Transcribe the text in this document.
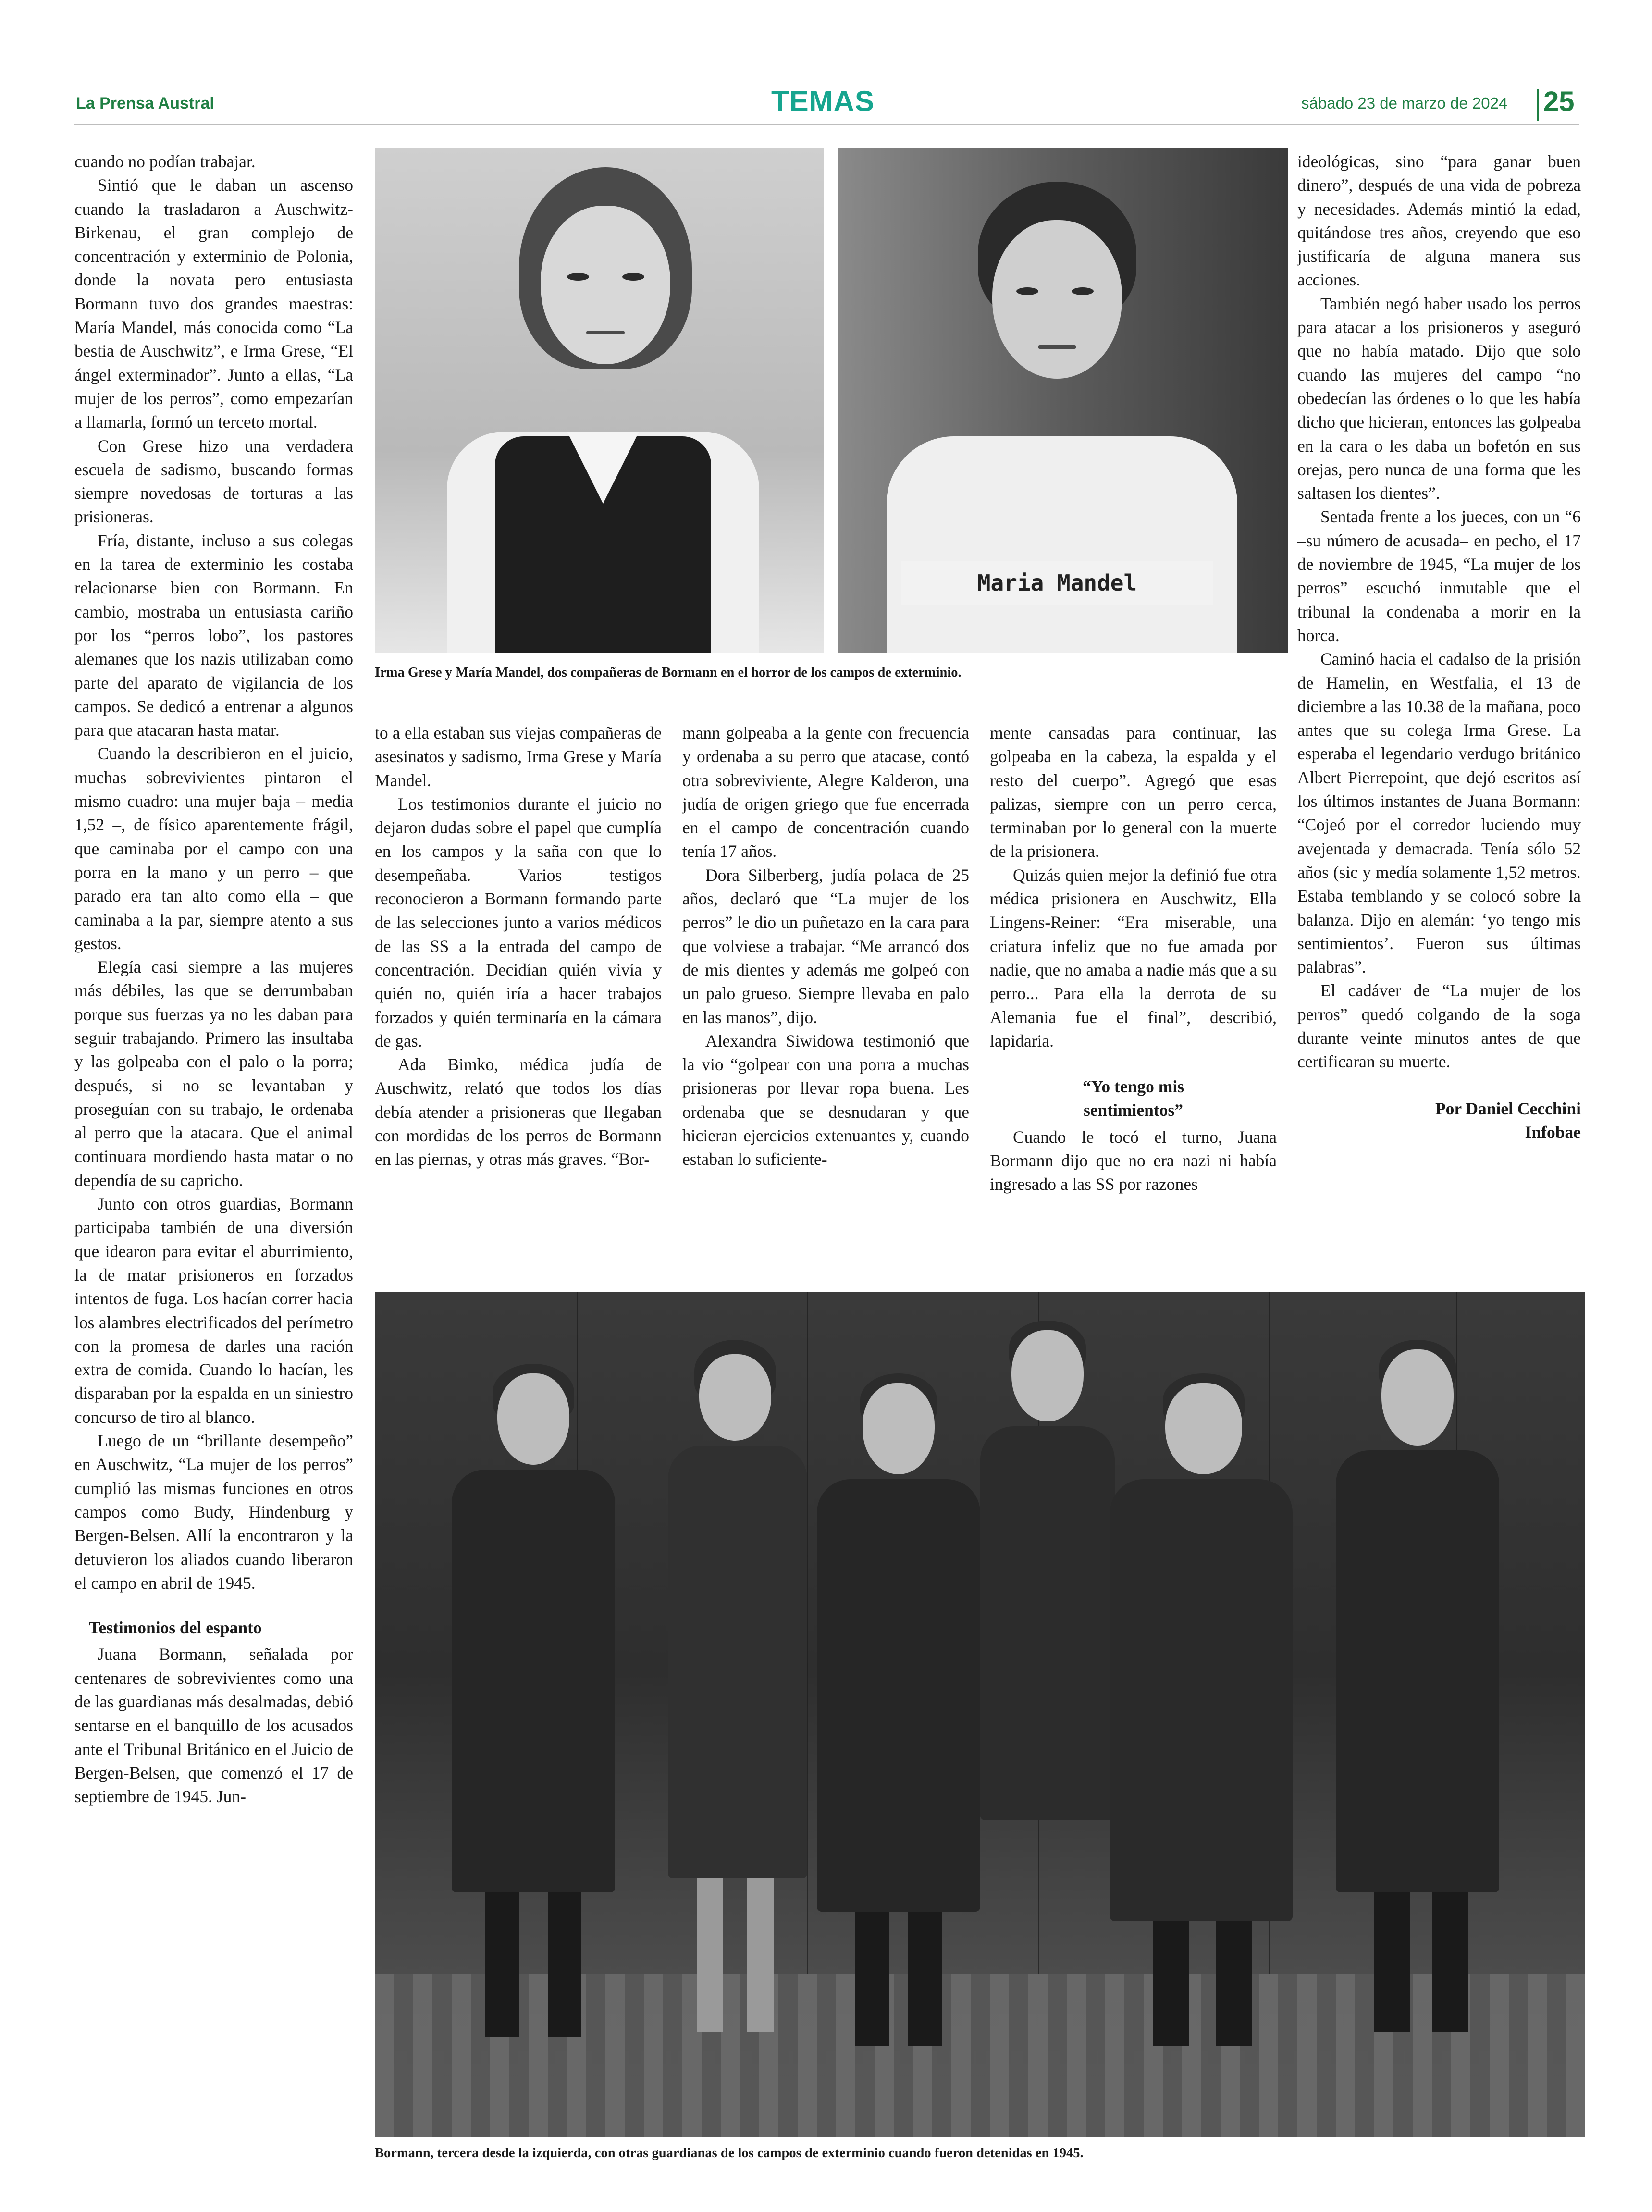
La Prensa Austral	TEMAS	sábado 23 de marzo de 2024 25

cuando no podían trabajar.

Sintió que le daban un ascenso cuando la trasladaron a Auschwitz-Birkenau, el gran complejo de concentración y exterminio de Polonia, donde la novata pero entusiasta Bormann tuvo dos grandes maestras: María Mandel, más conocida como “La bestia de Auschwitz”, e Irma Grese, “El ángel exterminador”. Junto a ellas, “La mujer de los perros”, como empezarían a llamarla, formó un terceto mortal.

Con Grese hizo una verdadera escuela de sadismo, buscando formas siempre novedosas de torturas a las prisioneras.

Fría, distante, incluso a sus colegas en la tarea de exterminio les costaba relacionarse bien con Bormann. En cambio, mostraba un entusiasta cariño por los “perros lobo”, los pastores alemanes que los nazis utilizaban como parte del aparato de vigilancia de los campos. Se dedicó a entrenar a algunos para que atacaran hasta matar.

Cuando la describieron en el juicio, muchas sobrevivientes pintaron el mismo cuadro: una mujer baja – media 1,52 –, de físico aparentemente frágil, que caminaba por el campo con una porra en la mano y un perro – que parado era tan alto como ella – que caminaba a la par, siempre atento a sus gestos.

Elegía casi siempre a las mujeres más débiles, las que se derrumbaban porque sus fuerzas ya no les daban para seguir trabajando. Primero las insultaba y las golpeaba con el palo o la porra; después, si no se levantaban y proseguían con su trabajo, le ordenaba al perro que la atacara. Que el animal continuara mordiendo hasta matar o no dependía de su capricho.

Junto con otros guardias, Bormann participaba también de una diversión que idearon para evitar el aburrimiento, la de matar prisioneros en forzados intentos de fuga. Los hacían correr hacia los alambres electrificados del perímetro con la promesa de darles una ración extra de comida. Cuando lo hacían, les disparaban por la espalda en un siniestro concurso de tiro al blanco.

Luego de un “brillante desempeño” en Auschwitz, “La mujer de los perros” cumplió las mismas funciones en otros campos como Budy, Hindenburg y Bergen-Belsen. Allí la encontraron y la detuvieron los aliados cuando liberaron el campo en abril de 1945.

Testimonios del espanto

Juana Bormann, señalada por centenares de sobrevivientes como una de las guardianas más desalmadas, debió sentarse en el banquillo de los acusados ante el Tribunal Británico en el Juicio de Bergen-Belsen, que comenzó el 17 de septiembre de 1945. Jun-

Maria Mandel
Irma Grese y María Mandel, dos compañeras de Bormann en el horror de los campos de exterminio.

to a ella estaban sus viejas compañeras de asesinatos y sadismo, Irma Grese y María Mandel.

Los testimonios durante el juicio no dejaron dudas sobre el papel que cumplía en los campos y la saña con que lo desempeñaba. Varios testigos reconocieron a Bormann formando parte de las selecciones junto a varios médicos de las SS a la entrada del campo de concentración. Decidían quién vivía y quién no, quién iría a hacer trabajos forzados y quién terminaría en la cámara de gas.

Ada Bimko, médica judía de Auschwitz, relató que todos los días debía atender a prisioneras que llegaban con mordidas de los perros de Bormann en las piernas, y otras más graves. “Bor-

mann golpeaba a la gente con frecuencia y ordenaba a su perro que atacase, contó otra sobreviviente, Alegre Kalderon, una judía de origen griego que fue encerrada en el campo de concentración cuando tenía 17 años.

Dora Silberberg, judía polaca de 25 años, declaró que “La mujer de los perros” le dio un puñetazo en la cara para que volviese a trabajar. “Me arrancó dos de mis dientes y además me golpeó con un palo grueso. Siempre llevaba en palo en las manos”, dijo.

Alexandra Siwidowa testimonió que la vio “golpear con una porra a muchas prisioneras por llevar ropa buena. Les ordenaba que se desnudaran y que hicieran ejercicios extenuantes y, cuando estaban lo suficiente-

mente cansadas para continuar, las golpeaba en la cabeza, la espalda y el resto del cuerpo”. Agregó que esas palizas, siempre con un perro cerca, terminaban por lo general con la muerte de la prisionera.

Quizás quien mejor la definió fue otra médica prisionera en Auschwitz, Ella Lingens-Reiner: “Era miserable, una criatura infeliz que no fue amada por nadie, que no amaba a nadie más que a su perro... Para ella la derrota de su Alemania fue el final”, describió, lapidaria.

“Yo tengo mis sentimientos”

Cuando le tocó el turno, Juana Bormann dijo que no era nazi ni había ingresado a las SS por razones

ideológicas, sino “para ganar buen dinero”, después de una vida de pobreza y necesidades. Además mintió la edad, quitándose tres años, creyendo que eso justificaría de alguna manera sus acciones.

También negó haber usado los perros para atacar a los prisioneros y aseguró que no había matado. Dijo que solo cuando las mujeres del campo “no obedecían las órdenes o lo que les había dicho que hicieran, entonces las golpeaba en la cara o les daba un bofetón en sus orejas, pero nunca de una forma que les saltasen los dientes”.

Sentada frente a los jueces, con un “6 –su número de acusada– en pecho, el 17 de noviembre de 1945, “La mujer de los perros” escuchó inmutable que el tribunal la condenaba a morir en la horca.

Caminó hacia el cadalso de la prisión de Hamelin, en Westfalia, el 13 de diciembre a las 10.38 de la mañana, poco antes que su colega Irma Grese. La esperaba el legendario verdugo británico Albert Pierrepoint, que dejó escritos así los últimos instantes de Juana Bormann: “Cojeó por el corredor luciendo muy avejentada y demacrada. Tenía sólo 52 años (sic y medía solamente 1,52 metros. Estaba temblando y se colocó sobre la balanza. Dijo en alemán: ‘yo tengo mis sentimientos’. Fueron sus últimas palabras”.

El cadáver de “La mujer de los perros” quedó colgando de la soga durante veinte minutos antes de que certificaran su muerte.

Por Daniel Cecchini

Infobae

Bormann, tercera desde la izquierda, con otras guardianas de los campos de exterminio cuando fueron detenidas en 1945.
